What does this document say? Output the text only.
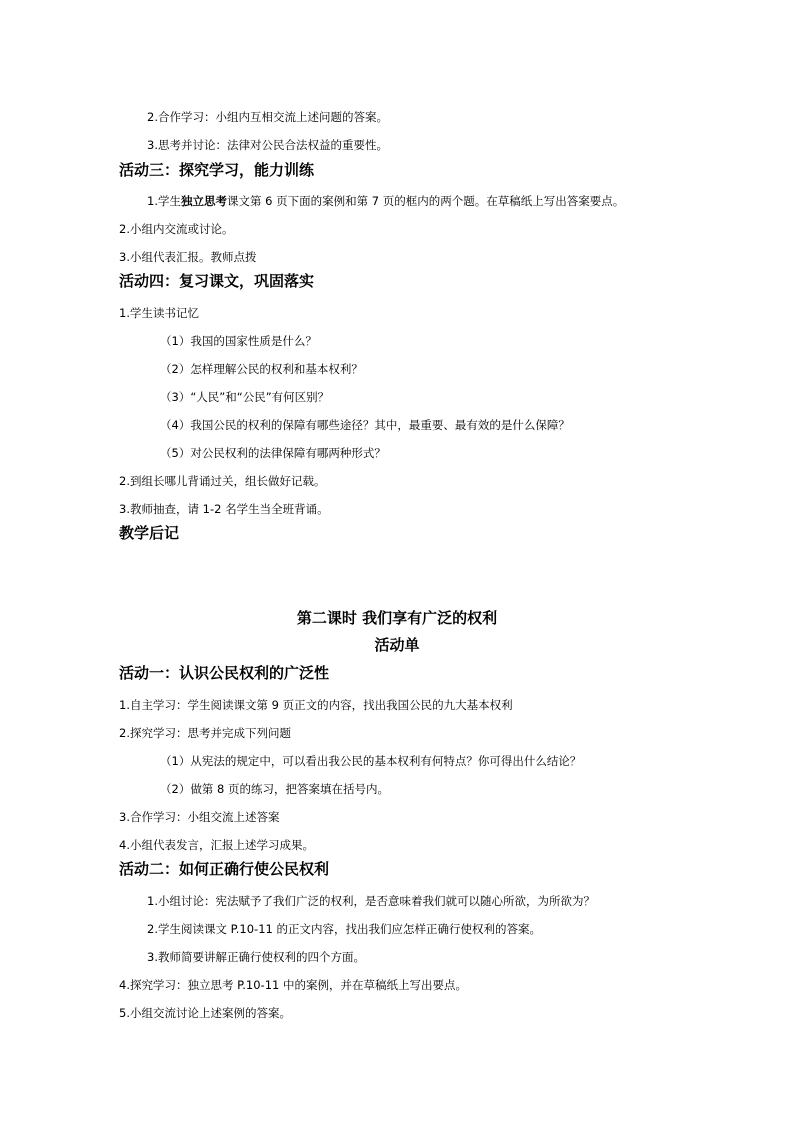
2.合作学习：小组内互相交流上述问题的答案。
3.思考并讨论：法律对公民合法权益的重要性。
活动三：探究学习，能力训练
1.学生独立思考课文第 6 页下面的案例和第 7 页的框内的两个题。在草稿纸上写出答案要点。
2.小组内交流或讨论。
3.小组代表汇报。教师点拨
活动四：复习课文，巩固落实
1.学生读书记忆
（1）我国的国家性质是什么？
（2）怎样理解公民的权利和基本权利？
（3）“人民”和“公民”有何区别？
（4）我国公民的权利的保障有哪些途径？其中，最重要、最有效的是什么保障？
（5）对公民权利的法律保障有哪两种形式？
2.到组长哪儿背诵过关，组长做好记载。
3.教师抽查，请 1-2 名学生当全班背诵。
教学后记
第二课时 我们享有广泛的权利
活动单
活动一：认识公民权利的广泛性
1.自主学习：学生阅读课文第 9 页正文的内容，找出我国公民的九大基本权利
2.探究学习：思考并完成下列问题
（1）从宪法的规定中，可以看出我公民的基本权利有何特点？你可得出什么结论？
（2）做第 8 页的练习，把答案填在括号内。
3.合作学习：小组交流上述答案
4.小组代表发言，汇报上述学习成果。
活动二：如何正确行使公民权利
1.小组讨论：宪法赋予了我们广泛的权利，是否意味着我们就可以随心所欲，为所欲为？
2.学生阅读课文 P.10-11 的正文内容，找出我们应怎样正确行使权利的答案。
3.教师简要讲解正确行使权利的四个方面。
4.探究学习：独立思考 P.10-11 中的案例，并在草稿纸上写出要点。
5.小组交流讨论上述案例的答案。
